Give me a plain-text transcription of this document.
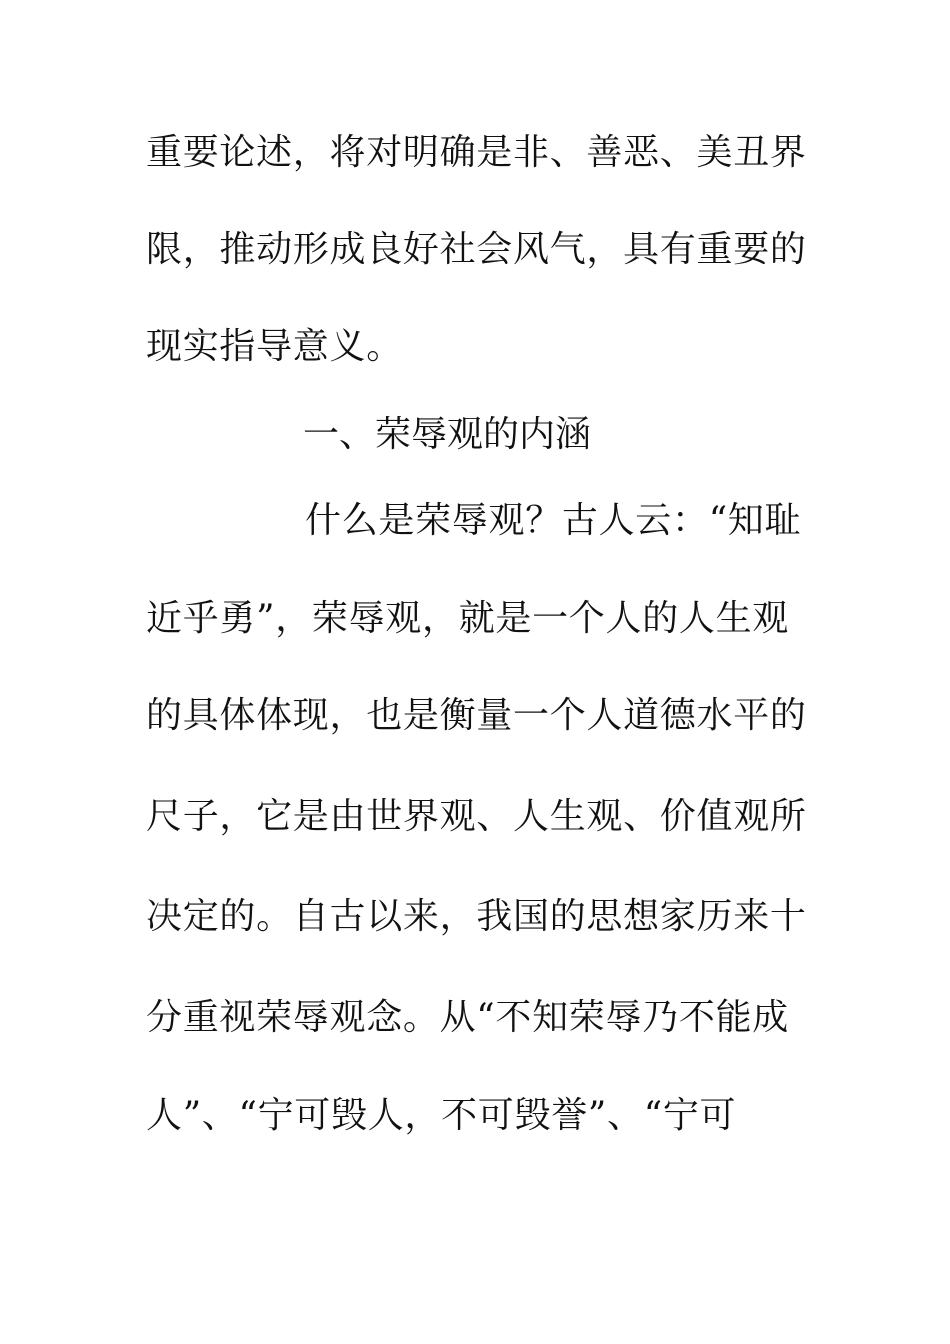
重要论述，将对明确是非、善恶、美丑界
限，推动形成良好社会风气，具有重要的
现实指导意义。
一、荣辱观的内涵
什么是荣辱观？古人云：“知耻
近乎勇”，荣辱观，就是一个人的人生观
的具体体现，也是衡量一个人道德水平的
尺子，它是由世界观、人生观、价值观所
决定的。自古以来，我国的思想家历来十
分重视荣辱观念。从“不知荣辱乃不能成
人”、“宁可毁人，不可毁誉”、“宁可
